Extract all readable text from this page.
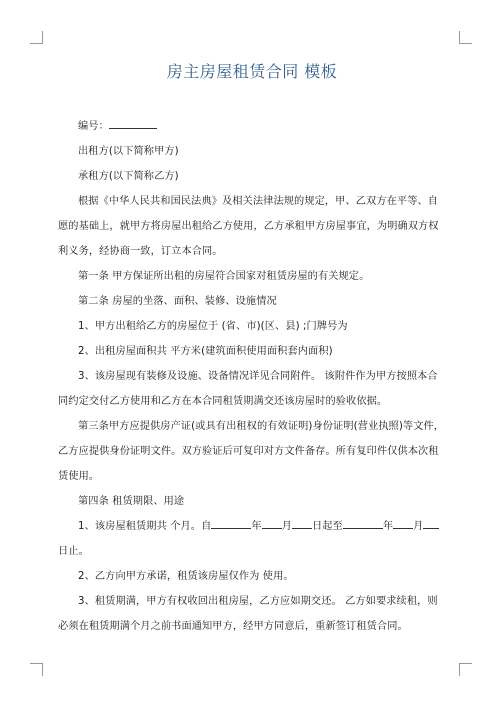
房主房屋租赁合同 模板

编号：

出租方(以下简称甲方)

承租方(以下简称乙方)

根据《中华人民共和国民法典》及相关法律法规的规定，甲、乙双方在平等、自愿的基础上，就甲方将房屋出租给乙方使用，乙方承租甲方房屋事宜，为明确双方权利义务，经协商一致，订立本合同。

第一条 甲方保证所出租的房屋符合国家对租赁房屋的有关规定。

第二条 房屋的坐落、面积、装修、设施情况

1、甲方出租给乙方的房屋位于 (省、市)(区、县) ;门牌号为

2、出租房屋面积共 平方米(建筑面积使用面积套内面积)

3、该房屋现有装修及设施、设备情况详见合同附件。 该附件作为甲方按照本合同约定交付乙方使用和乙方在本合同租赁期满交还该房屋时的验收依据。

第三条甲方应提供房产证(或具有出租权的有效证明)身份证明(营业执照)等文件，乙方应提供身份证明文件。双方验证后可复印对方文件备存。所有复印件仅供本次租赁使用。

第四条 租赁期限、用途

1、该房屋租赁期共 个月。自	年 月 日起至	年 月日止。

2、乙方向甲方承诺，租赁该房屋仅作为 使用。

3、租赁期满，甲方有权收回出租房屋，乙方应如期交还。 乙方如要求续租，则必须在租赁期满个月之前书面通知甲方，经甲方同意后，重新签订租赁合同。
